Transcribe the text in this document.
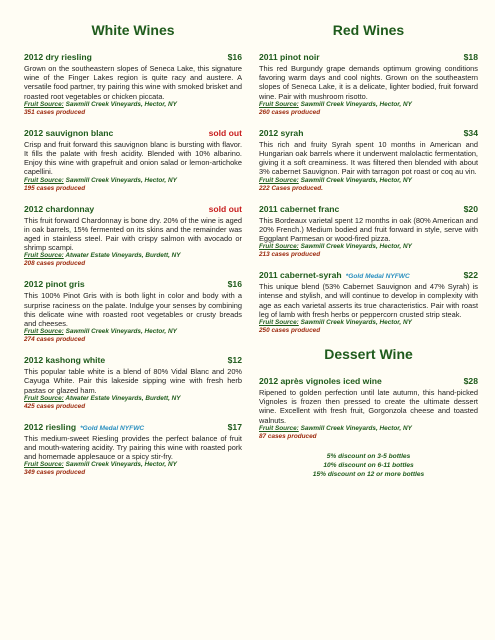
White Wines
2012 dry riesling	$16
Grown on the southeastern slopes of Seneca Lake, this signature wine of the Finger Lakes region is quite racy and austere. A versatile food partner, try pairing this wine with smoked brisket and roasted root vegetables or chicken piccata.
Fruit Source: Sawmill Creek Vineyards, Hector, NY
351 cases produced
2012 sauvignon blanc	sold out
Crisp and fruit forward this sauvignon blanc is bursting with flavor. It fills the palate with fresh acidity. Blended with 10% albarino. Enjoy this wine with grapefruit and onion salad or lemon-artichoke capellini.
Fruit Source: Sawmill Creek Vineyards, Hector, NY
195 cases produced
2012 chardonnay	sold out
This fruit forward Chardonnay is bone dry. 20% of the wine is aged in oak barrels, 15% fermented on its skins and the remainder was aged in stainless steel. Pair with crispy salmon with avocado or shrimp scampi.
Fruit Source: Atwater Estate Vineyards, Burdett, NY
208 cases produced
2012 pinot gris	$16
This 100% Pinot Gris with is both light in color and body with a surprise raciness on the palate. Indulge your senses by combining this delicate wine with roasted root vegetables or crusty breads and cheeses.
Fruit Source: Sawmill Creek Vineyards, Hector, NY
274 cases produced
2012 kashong white	$12
This popular table white is a blend of 80% Vidal Blanc and 20% Cayuga White. Pair this lakeside sipping wine with fresh herb pastas or glazed ham.
Fruit Source: Atwater Estate Vineyards, Burdett, NY
425 cases produced
2012 riesling *Gold Medal NYFWC	$17
This medium-sweet Riesling provides the perfect balance of fruit and mouth-watering acidity. Try pairing this wine with roasted pork and homemade applesauce or a spicy stir-fry.
Fruit Source: Sawmill Creek Vineyards, Hector, NY
349 cases produced
Red Wines
2011 pinot noir	$18
This red Burgundy grape demands optimum growing conditions favoring warm days and cool nights. Grown on the southeastern slopes of Seneca Lake, it is a delicate, lighter bodied, fruit forward wine. Pair with mushroom risotto.
Fruit Source: Sawmill Creek Vineyards, Hector, NY
260 cases produced
2012 syrah	$34
This rich and fruity Syrah spent 10 months in American and Hungarian oak barrels where it underwent malolactic fermentation, giving it a soft creaminess. It was filtered then blended with about 3% cabernet Sauvignon. Pair with tarragon pot roast or coq au vin.
Fruit Source: Sawmill Creek Vineyards, Hector, NY
222 Cases produced.
2011 cabernet franc	$20
This Bordeaux varietal spent 12 months in oak (80% American and 20% French.) Medium bodied and fruit forward in style, serve with Eggplant Parmesan or wood-fired pizza.
Fruit Source: Sawmill Creek Vineyards, Hector, NY
213 cases produced
2011 cabernet-syrah *Gold Medal NYFWC	$22
This unique blend (53% Cabernet Sauvignon and 47% Syrah) is intense and stylish, and will continue to develop in complexity with age as each varietal asserts its true characteristics. Pair with roast leg of lamb with fresh herbs or peppercorn crusted strip steak.
Fruit Source: Sawmill Creek Vineyards, Hector, NY
250 cases produced
Dessert Wine
2012 après vignoles iced wine	$28
Ripened to golden perfection until late autumn, this hand-picked Vignoles is frozen then pressed to create the ultimate dessert wine. Excellent with fresh fruit, Gorgonzola cheese and toasted walnuts.
Fruit Source: Sawmill Creek Vineyards, Hector, NY
87 cases produced
5% discount on 3-5 bottles
10% discount on 6-11 bottles
15% discount on 12 or more bottles
